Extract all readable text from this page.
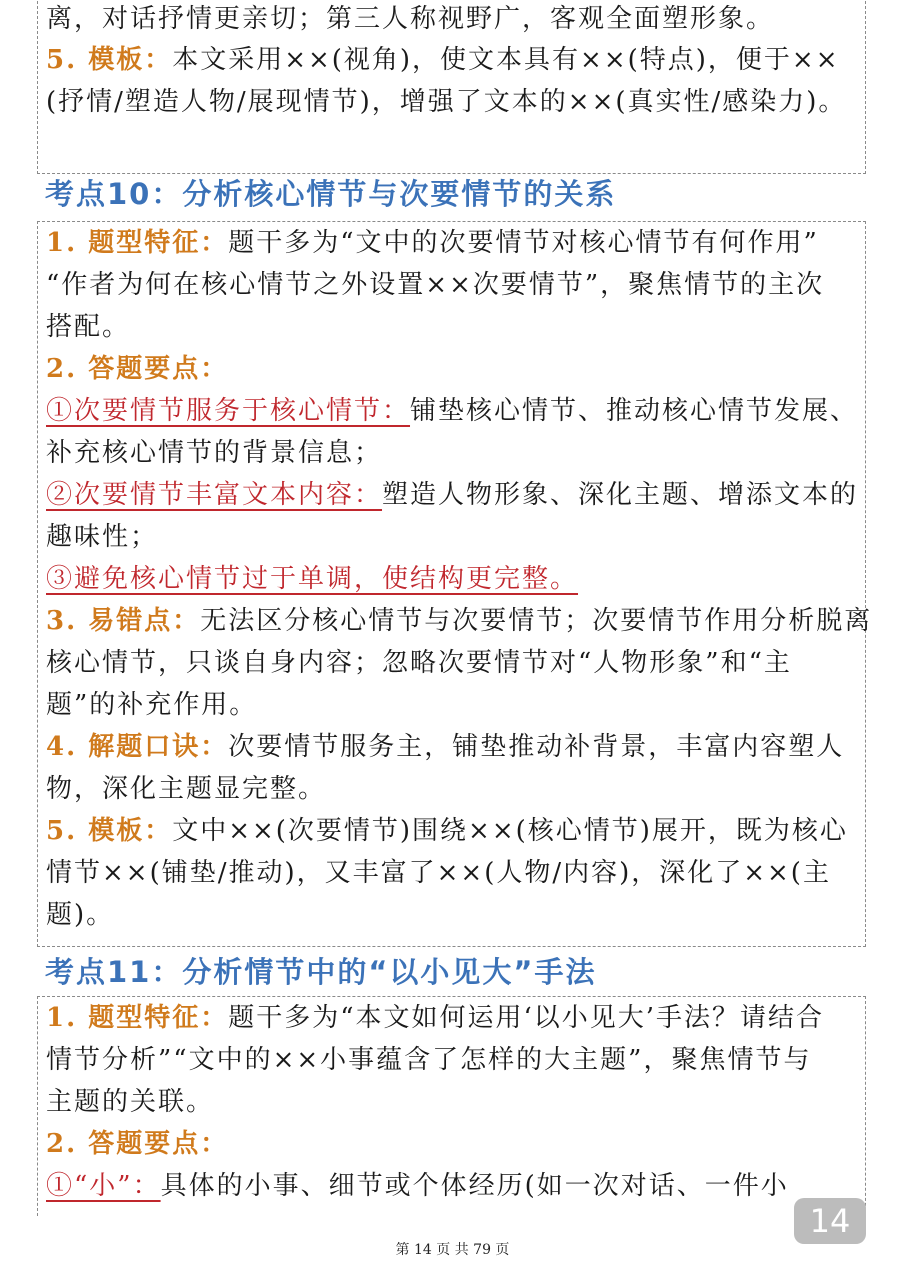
离，对话抒情更亲切；第三人称视野广，客观全面塑形象。
5. 模板：本文采用××(视角)，使文本具有××(特点)，便于××
(抒情/塑造人物/展现情节)，增强了文本的××(真实性/感染力)。
考点10：分析核心情节与次要情节的关系
1. 题型特征：题干多为“文中的次要情节对核心情节有何作用”
“作者为何在核心情节之外设置××次要情节”，聚焦情节的主次
搭配。
2. 答题要点：
①次要情节服务于核心情节：铺垫核心情节、推动核心情节发展、
补充核心情节的背景信息；
②次要情节丰富文本内容：塑造人物形象、深化主题、增添文本的
趣味性；
③避免核心情节过于单调，使结构更完整。
3. 易错点：无法区分核心情节与次要情节；次要情节作用分析脱离
核心情节，只谈自身内容；忽略次要情节对“人物形象”和“主
题”的补充作用。
4. 解题口诀：次要情节服务主，铺垫推动补背景，丰富内容塑人
物，深化主题显完整。
5. 模板：文中××(次要情节)围绕××(核心情节)展开，既为核心
情节××(铺垫/推动)，又丰富了××(人物/内容)，深化了××(主
题)。
考点11：分析情节中的“以小见大”手法
1. 题型特征：题干多为“本文如何运用‘以小见大’手法？请结合
情节分析”“文中的××小事蕴含了怎样的大主题”，聚焦情节与
主题的关联。
2. 答题要点：
①“小”：具体的小事、细节或个体经历(如一次对话、一件小
14
第 14 页 共 79 页
